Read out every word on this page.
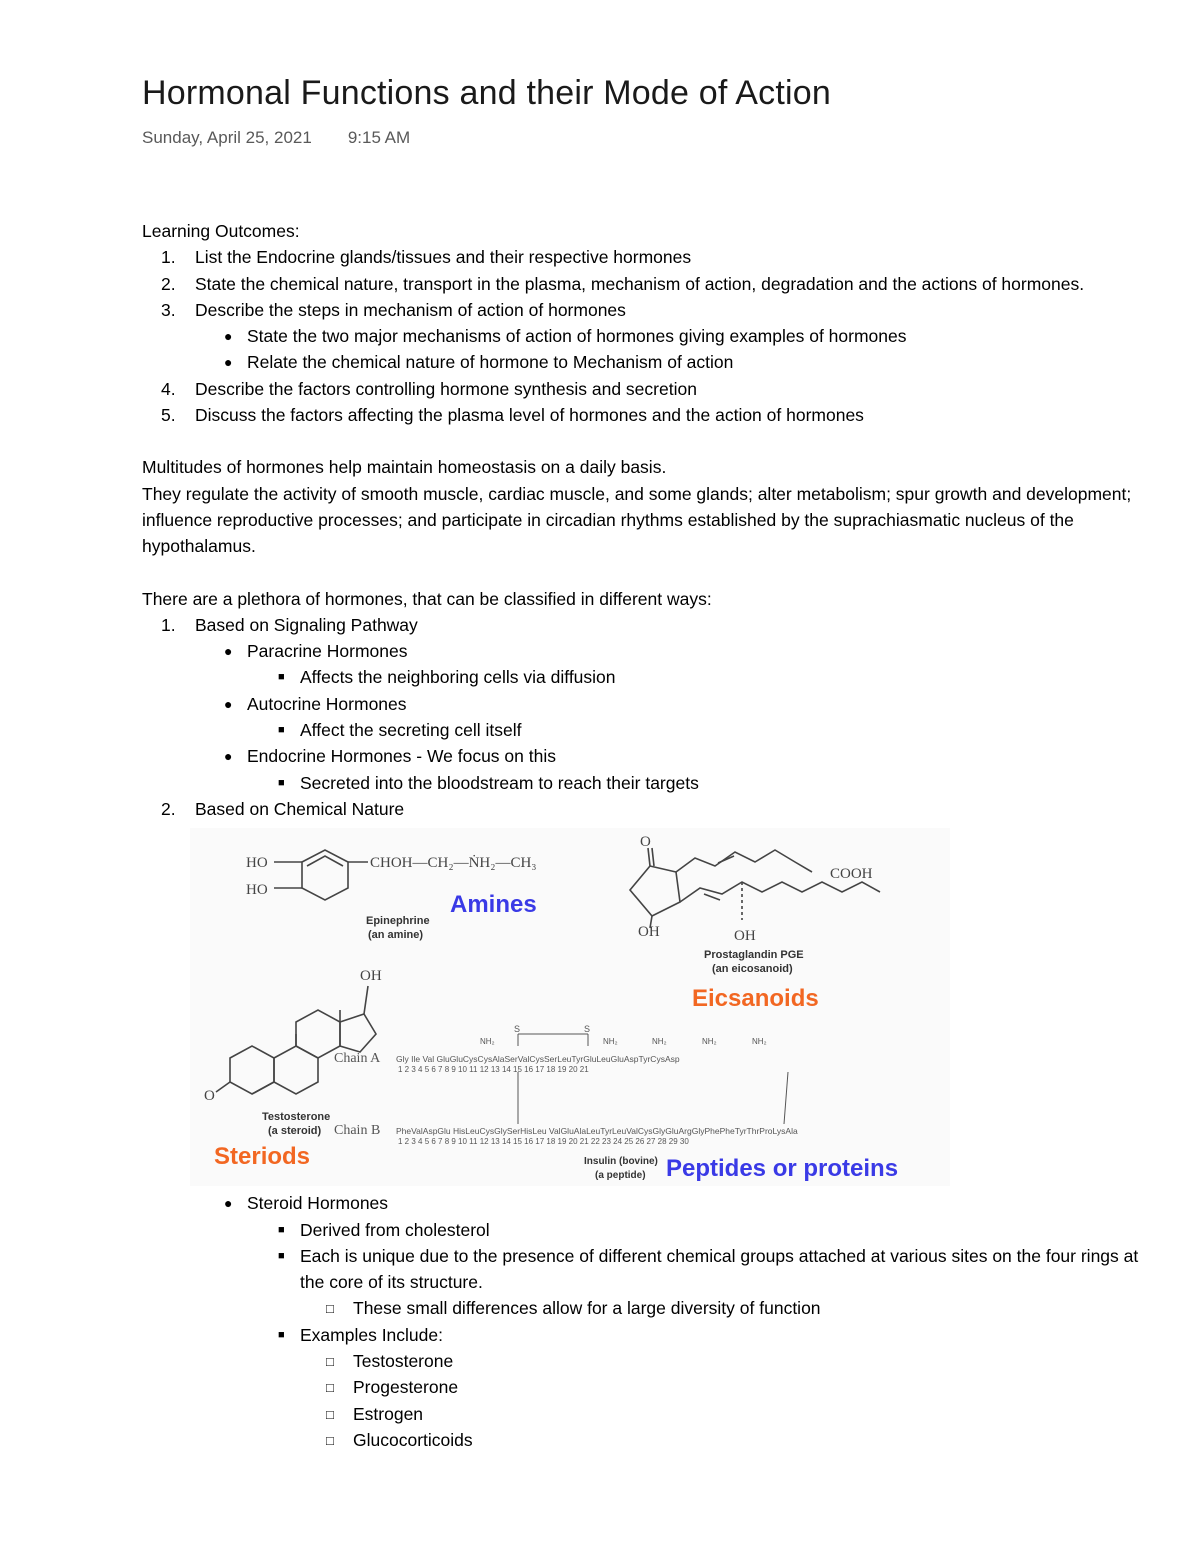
Hormonal Functions and their Mode of Action
Sunday, April 25, 2021 9:15 AM

Learning Outcomes:

1. List the Endocrine glands/tissues and their respective hormones
2. State the chemical nature, transport in the plasma, mechanism of action, degradation and the actions of hormones.
3. Describe the steps in mechanism of action of hormones
● State the two major mechanisms of action of hormones giving examples of hormones
● Relate the chemical nature of hormone to Mechanism of action
4. Describe the factors controlling hormone synthesis and secretion
5. Discuss the factors affecting the plasma level of hormones and the action of hormones

Multitudes of hormones help maintain homeostasis on a daily basis.

They regulate the activity of smooth muscle, cardiac muscle, and some glands; alter metabolism; spur growth and development; influence reproductive processes; and participate in circadian rhythms established by the suprachiasmatic nucleus of the hypothalamus.

There are a plethora of hormones, that can be classified in different ways:

1. Based on Signaling Pathway
● Paracrine Hormones
■ Affects the neighboring cells via diffusion
● Autocrine Hormones
■ Affect the secreting cell itself
● Endocrine Hormones - We focus on this
■ Secreted into the bloodstream to reach their targets
2. Based on Chemical Nature
HO
HO
CHOH—CH₂—ṄH₂—CH₃
Epinephrine
(an amine)
Amines
O
COOH
OH	OH
Prostaglandin PGE
(an eicosanoid)
Eicsanoids
O
OH
Testosterone
(a steroid)
Steriods
S	S
NH₂	NH₂	NH₂	NH₂	NH₂
Chain A Gly Ile Val GluGluCysCysAlaSerValCysSerLeuTyrGluLeuGluAspTyrCysAsp
1 2 3 4 5 6 7 8 9 10 11 12 13 14 15 16 17 18 19 20 21
Chain B PheValAspGlu HisLeuCysGlySerHisLeu ValGluAlaLeuTyrLeuValCysGlyGluArgGlyPhePheTyrThrProLysAla
1 2 3 4 5 6 7 8 9 10 11 12 13 14 15 16 17 18 19 20 21 22 23 24 25 26 27 28 29 30
Insulin (bovine)
(a peptide) Peptides or proteins
● Steroid Hormones
■ Derived from cholesterol
■ Each is unique due to the presence of different chemical groups attached at various sites on the four rings at the core of its structure.
□ These small differences allow for a large diversity of function
■ Examples Include:
□ Testosterone
□ Progesterone
□ Estrogen
□ Glucocorticoids
